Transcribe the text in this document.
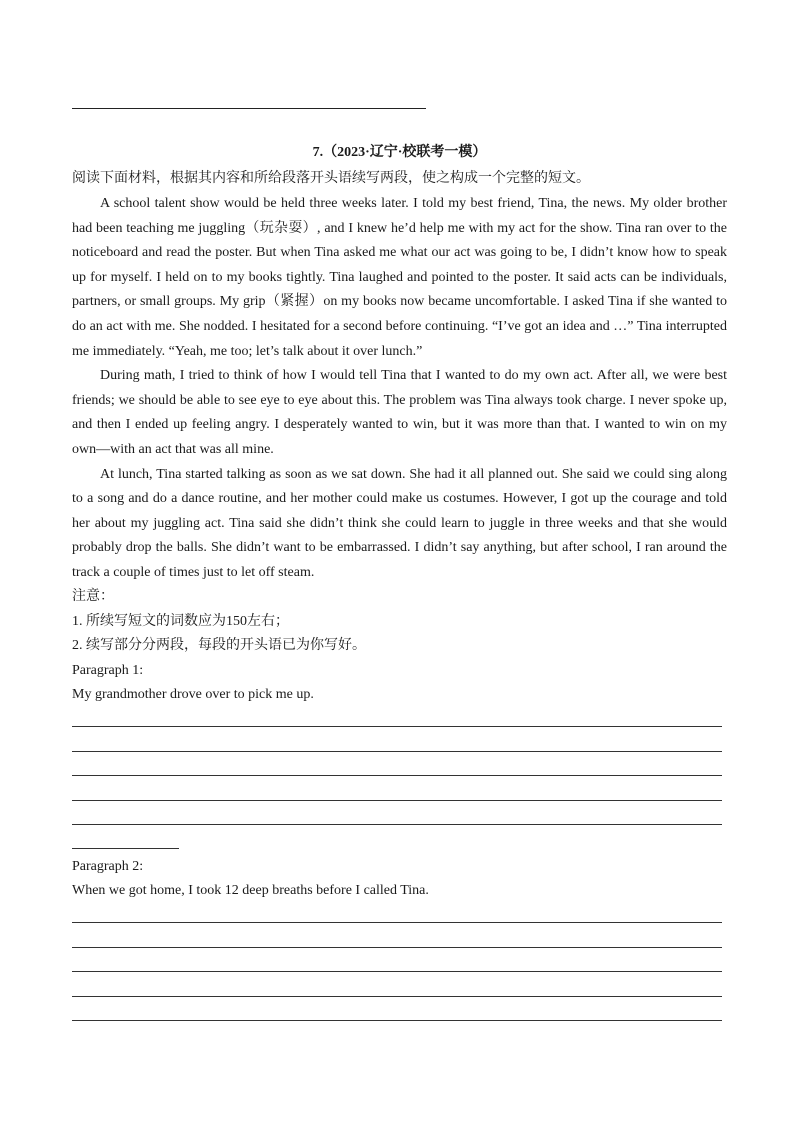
7.（2023·辽宁·校联考一模）
阅读下面材料，根据其内容和所给段落开头语续写两段，使之构成一个完整的短文。

A school talent show would be held three weeks later. I told my best friend, Tina, the news. My older brother had been teaching me juggling（玩杂耍）, and I knew he’d help me with my act for the show. Tina ran over to the noticeboard and read the poster. But when Tina asked me what our act was going to be, I didn’t know how to speak up for myself. I held on to my books tightly. Tina laughed and pointed to the poster. It said acts can be individuals, partners, or small groups. My grip（紧握）on my books now became uncomfortable. I asked Tina if she wanted to do an act with me. She nodded. I hesitated for a second before continuing. “I’ve got an idea and …” Tina interrupted me immediately. “Yeah, me too; let’s talk about it over lunch.”

During math, I tried to think of how I would tell Tina that I wanted to do my own act. After all, we were best friends; we should be able to see eye to eye about this. The problem was Tina always took charge. I never spoke up, and then I ended up feeling angry. I desperately wanted to win, but it was more than that. I wanted to win on my own—with an act that was all mine.

At lunch, Tina started talking as soon as we sat down. She had it all planned out. She said we could sing along to a song and do a dance routine, and her mother could make us costumes. However, I got up the courage and told her about my juggling act. Tina said she didn’t think she could learn to juggle in three weeks and that she would probably drop the balls. She didn’t want to be embarrassed. I didn’t say anything, but after school, I ran around the track a couple of times just to let off steam.

注意：
1. 所续写短文的词数应为150左右；
2. 续写部分分两段，每段的开头语已为你写好。
Paragraph 1:
My grandmother drove over to pick me up.
Paragraph 2:
When we got home, I took 12 deep breaths before I called Tina.
